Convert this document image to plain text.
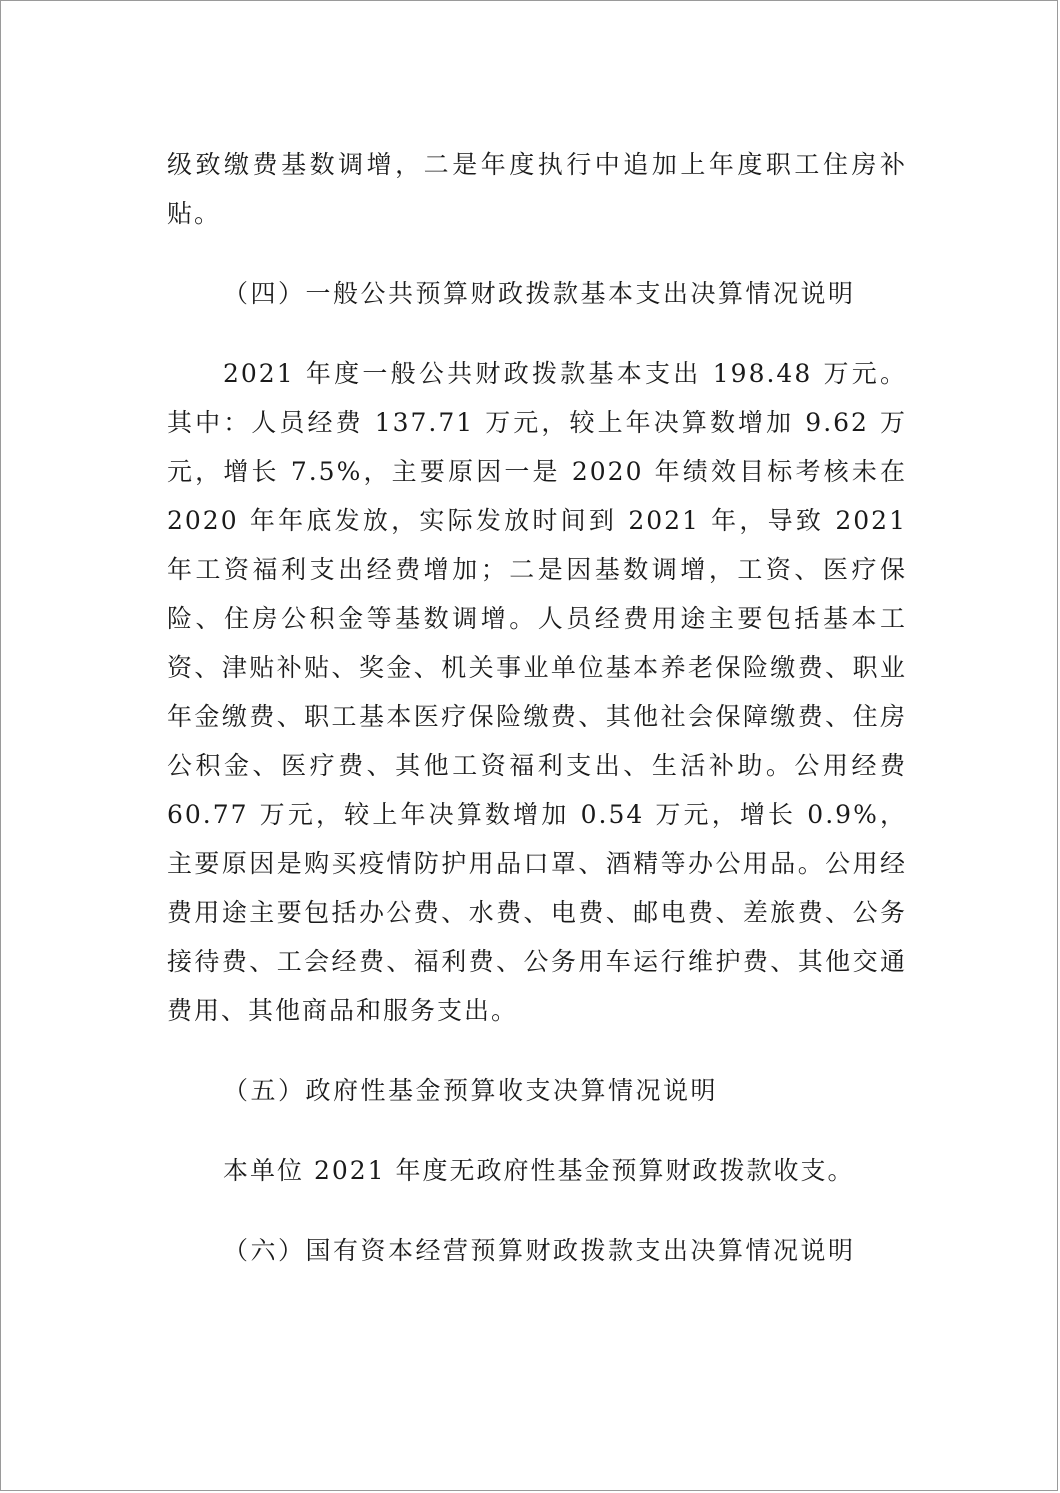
级致缴费基数调增，二是年度执行中追加上年度职工住房补贴。

（四）一般公共预算财政拨款基本支出决算情况说明

2021 年度一般公共财政拨款基本支出 198.48 万元。其中：人员经费 137.71 万元，较上年决算数增加 9.62 万元，增长 7.5%，主要原因一是 2020 年绩效目标考核未在 2020 年年底发放，实际发放时间到 2021 年，导致 2021 年工资福利支出经费增加；二是因基数调增，工资、医疗保险、住房公积金等基数调增。人员经费用途主要包括基本工资、津贴补贴、奖金、机关事业单位基本养老保险缴费、职业年金缴费、职工基本医疗保险缴费、其他社会保障缴费、住房公积金、医疗费、其他工资福利支出、生活补助。公用经费 60.77 万元，较上年决算数增加 0.54 万元，增长 0.9%，主要原因是购买疫情防护用品口罩、酒精等办公用品。公用经费用途主要包括办公费、水费、电费、邮电费、差旅费、公务接待费、工会经费、福利费、公务用车运行维护费、其他交通费用、其他商品和服务支出。

（五）政府性基金预算收支决算情况说明

本单位 2021 年度无政府性基金预算财政拨款收支。

（六）国有资本经营预算财政拨款支出决算情况说明
